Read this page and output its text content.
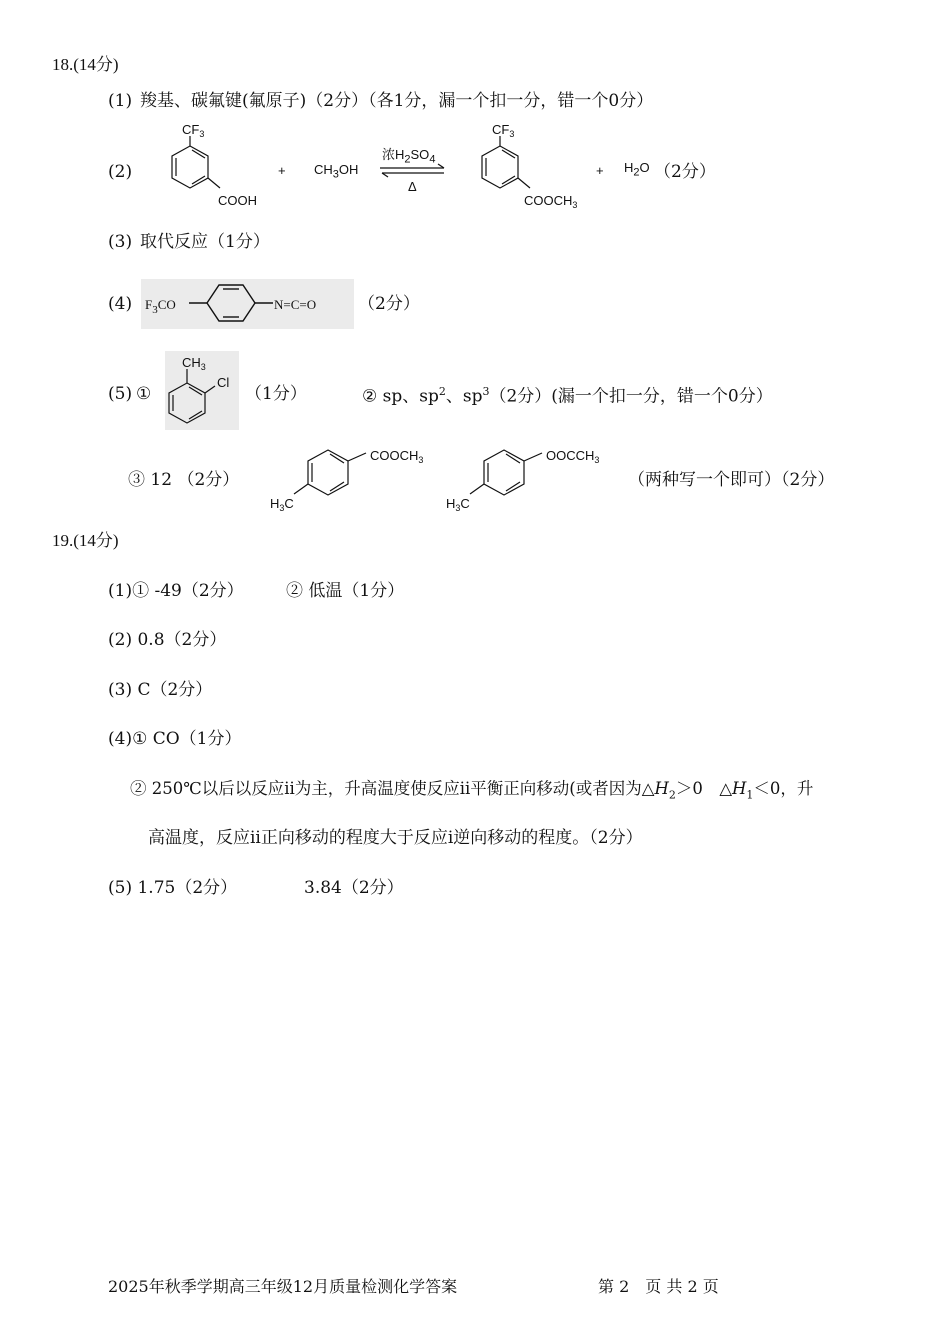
18.(14分)
(1) 羧基、碳氟键(氟原子)（2分）（各1分，漏一个扣一分，错一个0分）
(2)
$CF_3$
COOH
+ $CH_3OH$
浓$H_2SO_4$
Δ
$CF_3$
$COOCH_3$
+ $H_2O$ （2分）
(3) 取代反应（1分）
(4) $F_3CO$	N=C=O （2分）
(5) ①
$CH_3$
Cl
（1分）	② sp、$sp^2$、$sp^3(2$分）(漏一个扣一分，错一个0分）
③ 12 （2分）
$COOCH_3$
$H_3C$
$OOCCH_3$
$H_3C$
（两种写一个即可）（2分）
19.(14分)
(1)① -49（2分） ② 低温（1分）
(2) 0.8（2分）
(3) C（2分）
(4)① CO（1分）
② 250℃以后以反应ii为主，升高温度使反应ii平衡正向移动(或者因为$\triangle H_2>0$　$\triangle H_1<0$，升
高温度，反应ii正向移动的程度大于反应i逆向移动的程度。（2分）
(5) 1.75（2分）	3.84（2分）
2025年秋季学期高三年级12月质量检测化学答案	第 2　页 共 2 页
